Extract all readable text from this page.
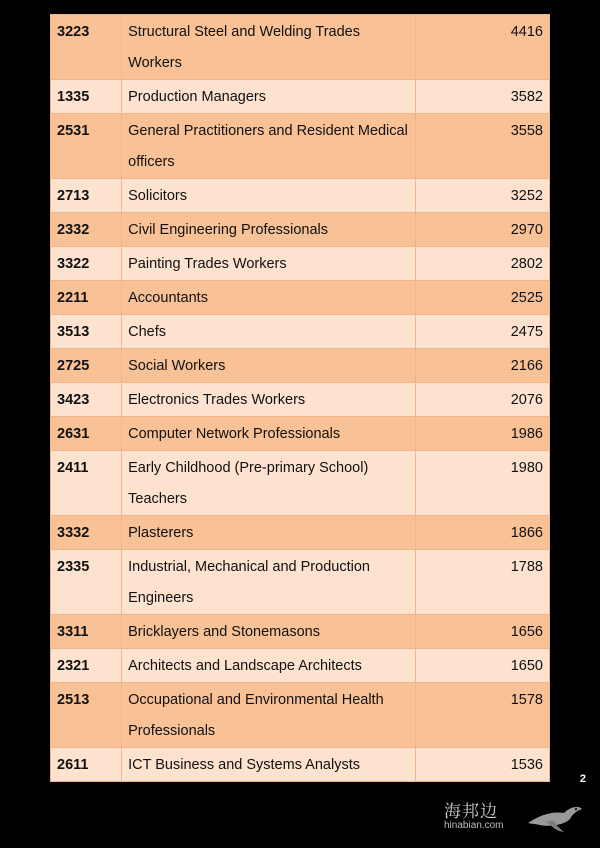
3223	Structural Steel and Welding Trades Workers	4416
1335	Production Managers	3582
2531	General Practitioners and Resident Medical officers	3558
2713	Solicitors	3252
2332	Civil Engineering Professionals	2970
3322	Painting Trades Workers	2802
2211	Accountants	2525
3513	Chefs	2475
2725	Social Workers	2166
3423	Electronics Trades Workers	2076
2631	Computer Network Professionals	1986
2411	Early Childhood (Pre-primary School) Teachers	1980
3332	Plasterers	1866
2335	Industrial, Mechanical and Production Engineers	1788
3311	Bricklayers and Stonemasons	1656
2321	Architects and Landscape Architects	1650
2513	Occupational and Environmental Health Professionals	1578
2611	ICT Business and Systems Analysts	1536
2
海邦边
hinabian.com
